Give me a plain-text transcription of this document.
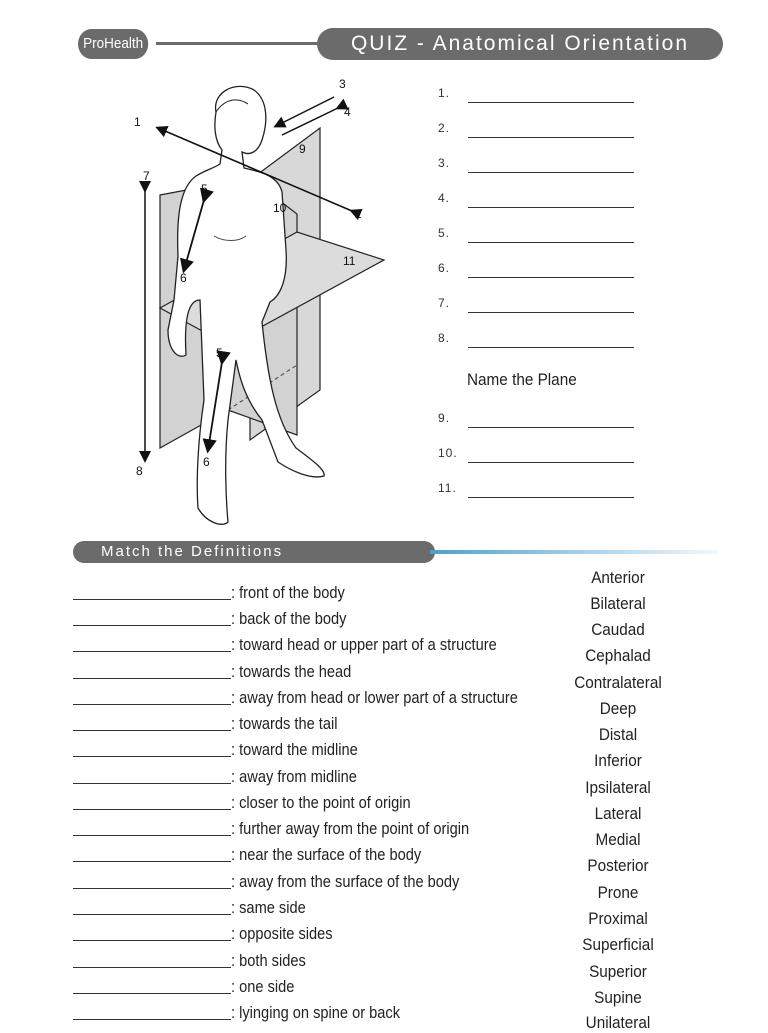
ProHealth	QUIZ - Anatomical Orientation
1
2
3
4
5
6
7
8
9
10
11
5
6
1.
2.
3.
4.
5.
6.
7.
8.
Name the Plane
9.
10.
11.
Match the Definitions
: front of the body
: back of the body
: toward head or upper part of a structure
: towards the head
: away from head or lower part of a structure
: towards the tail
: toward the midline
: away from midline
: closer to the point of origin
: further away from the point of origin
: near the surface of the body
: away from the surface of the body
: same side
: opposite sides
: both sides
: one side
: lyinging on spine or back
Anterior
Bilateral
Caudad
Cephalad
Contralateral
Deep
Distal
Inferior
Ipsilateral
Lateral
Medial
Posterior
Prone
Proximal
Superficial
Superior
Supine
Unilateral
